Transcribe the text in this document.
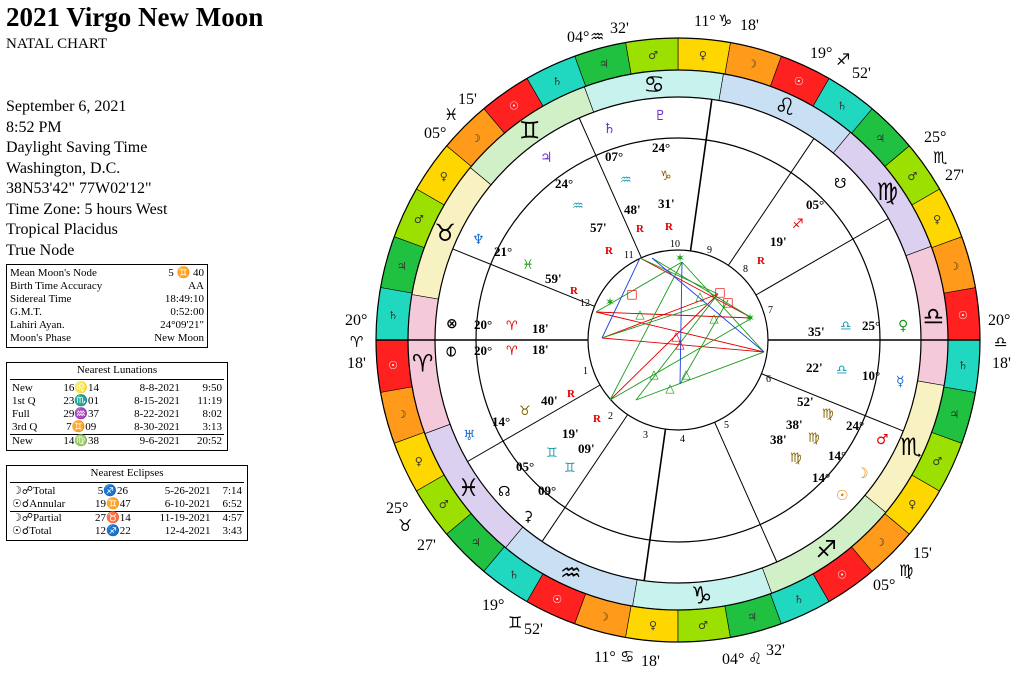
2021 Virgo New Moon
NATAL CHART
September 6, 2021
8:52 PM
Daylight Saving Time
Washington, D.C.
38N53'42" 77W02'12"
Time Zone: 5 hours West
Tropical Placidus
True Node
Mean Moon's Node	5 ♊ 40
Birth Time Accuracy	AA
Sidereal Time	18:49:10
G.M.T.	0:52:00
Lahiri Ayan.	24°09'21"
Moon's Phase	New Moon
Nearest Lunations
New	16♌14	8-8-2021	9:50
1st Q	23♏01	8-15-2021	11:19
Full	29♒37	8-22-2021	8:02
3rd Q	7♊09	8-30-2021	3:13
New	14♍38	9-6-2021	20:52
Nearest Eclipses
☽☍Total	5♐26	5-26-2021	7:14
☉☌Annular	19♊47	6-10-2021	6:52
☽☍Partial	27♉14	11-19-2021	4:57
☉☌Total	12♐22	12-4-2021	3:43
☉
☽
♀
♂
♃
♄
☉
☽
♀	♂
♃
♄
☉
☽
♀
♂
♃
♄
☉
☽
♀
♂
♃
♄
☉
☽
♀
♂
♃
♄
☉
☽
♀
♂
♃
♄
♈
♉
♊
♋
♌
♍
♎
♏
♐
♑
♒
♓
□	□
□
△
△
△
△
△
△
✶
✶
✶
△
△
20°
♈
18'
20°
♎
18'
11° ♑ 18'
19° ♐
52'
25°
♏
27'
15'
♍
05°
04° ♌ 32'
11° ♋ 18'
19°
♊ 52'
25°
♉
27'
05°
♓
15'
04° ♒ 32'
1
2
3	4
5
6
7
8
9
10
11
12
♄
07°
♒
57'
R
♇
24°
♑
31'
R
♃
24°
♒	48'
R
☋
05°
♐
19'
R
♆
21°
♓
59'
R
⊗ 20° ♈ 18'
⦶ 20° ♈ 18'
♅
14°
♉
40' R
☊
05°
♊ 09'
R
⚳
09°
♊
19'
♀
25°
♎
35'
☿
10°
♎
22'
♂
24°
♍
52'
☽
14°
♍
38'
☉
14°
♍
38'
